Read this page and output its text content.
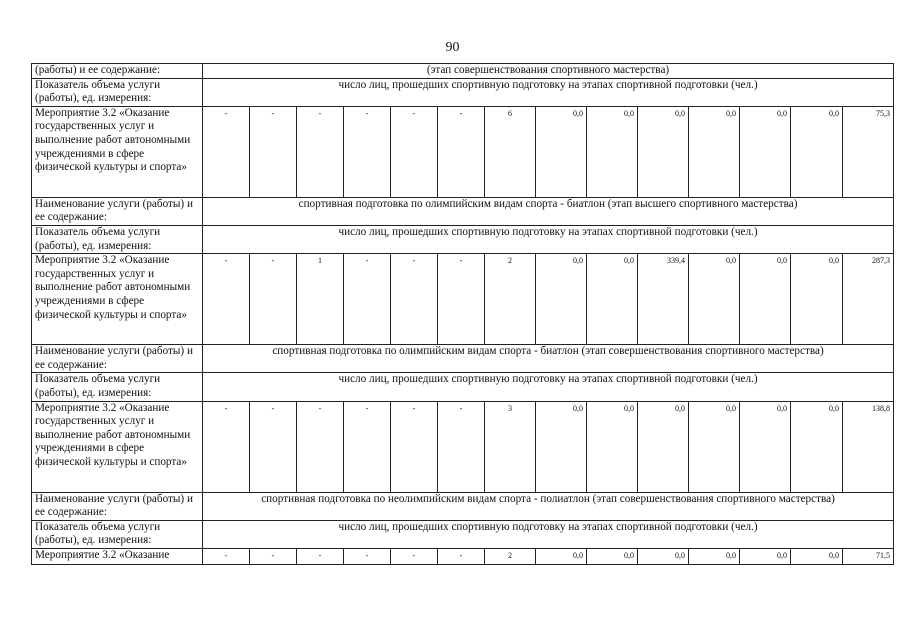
90
(работы) и ее содержание:	(этап совершенствования спортивного мастерства)													
Показатель объема услуги (работы), ед. измерения:	число лиц, прошедших спортивную подготовку на этапах спортивной подготовки (чел.)													
Мероприятие 3.2 «Оказание государственных услуг и выполнение работ автономными учреждениями в сфере физической культуры и спорта»	-	-	-	-	-	-	6	0,0	0,0	0,0	0,0	0,0	0,0	75,3
Наименование услуги (работы) и ее содержание:	спортивная подготовка по олимпийским видам спорта - биатлон (этап высшего спортивного мастерства)													
Показатель объема услуги (работы), ед. измерения:	число лиц, прошедших спортивную подготовку на этапах спортивной подготовки (чел.)													
Мероприятие 3.2 «Оказание государственных услуг и выполнение работ автономными учреждениями в сфере физической культуры и спорта»	-	-	1	-	-	-	2	0,0	0,0	339,4	0,0	0,0	0,0	287,3
Наименование услуги (работы) и ее содержание:	спортивная подготовка по олимпийским видам спорта - биатлон (этап совершенствования спортивного мастерства)													
Показатель объема услуги (работы), ед. измерения:	число лиц, прошедших спортивную подготовку на этапах спортивной подготовки (чел.)													
Мероприятие 3.2 «Оказание государственных услуг и выполнение работ автономными учреждениями в сфере физической культуры и спорта»	-	-	-	-	-	-	3	0,0	0,0	0,0	0,0	0,0	0,0	138,8
Наименование услуги (работы) и ее содержание:	спортивная подготовка по неолимпийским видам спорта - полиатлон (этап совершенствования спортивного мастерства)													
Показатель объема услуги (работы), ед. измерения:	число лиц, прошедших спортивную подготовку на этапах спортивной подготовки (чел.)													
Мероприятие 3.2 «Оказание	-	-	-	-	-	-	2	0,0	0,0	0,0	0,0	0,0	0,0	71,5
